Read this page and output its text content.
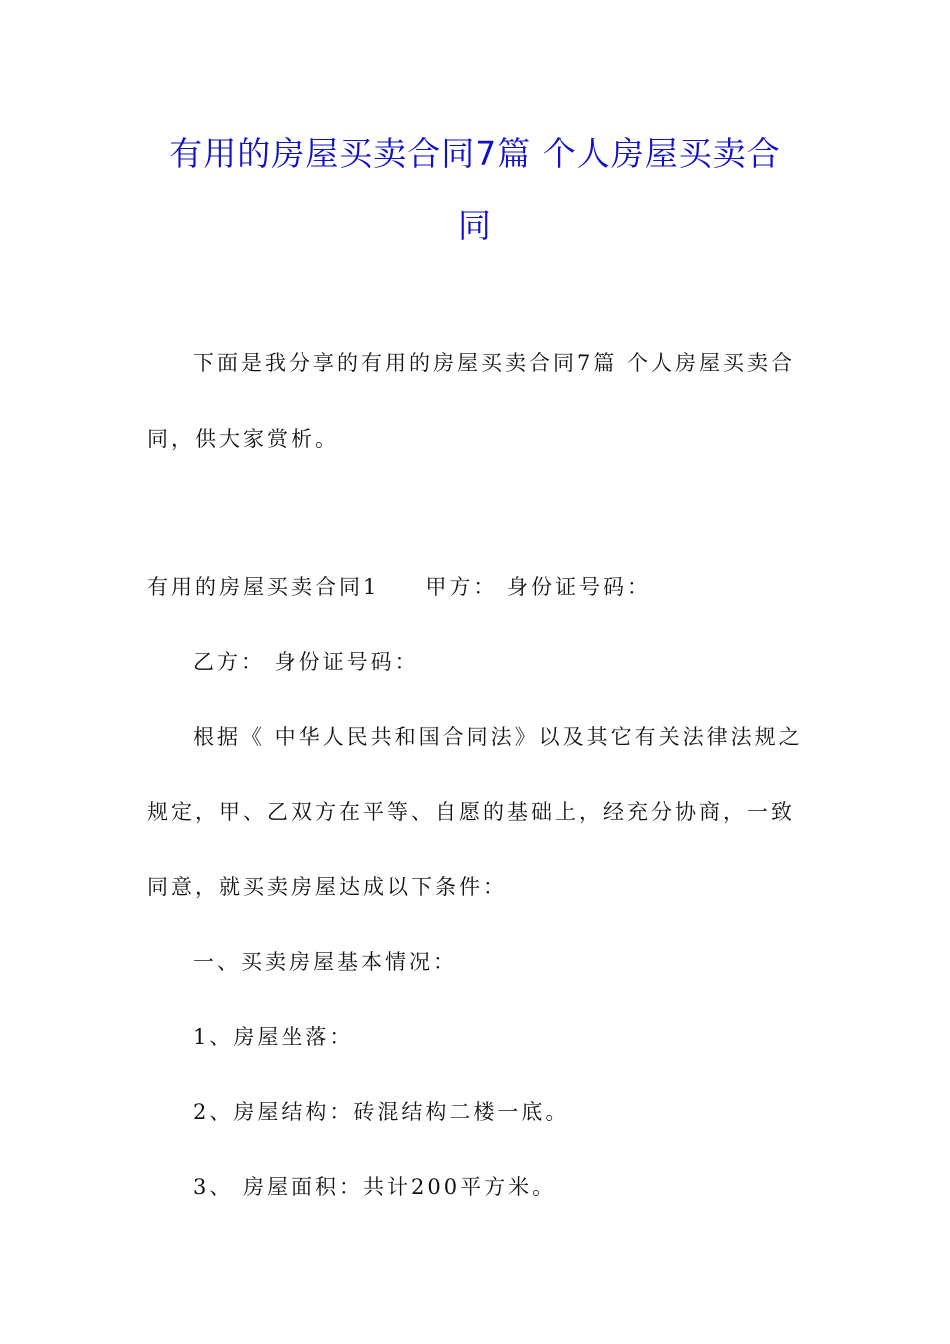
有用的房屋买卖合同7篇 个人房屋买卖合
同
下面是我分享的有用的房屋买卖合同7篇 个人房屋买卖合
同，供大家赏析。
有用的房屋买卖合同1 甲方： 身份证号码：
乙方： 身份证号码：
根据《 中华人民共和国合同法》以及其它有关法律法规之
规定，甲、乙双方在平等、自愿的基础上，经充分协商，一致
同意，就买卖房屋达成以下条件：
一、买卖房屋基本情况：
1、房屋坐落：
2、房屋结构：砖混结构二楼一底。
3、 房屋面积：共计200平方米。
